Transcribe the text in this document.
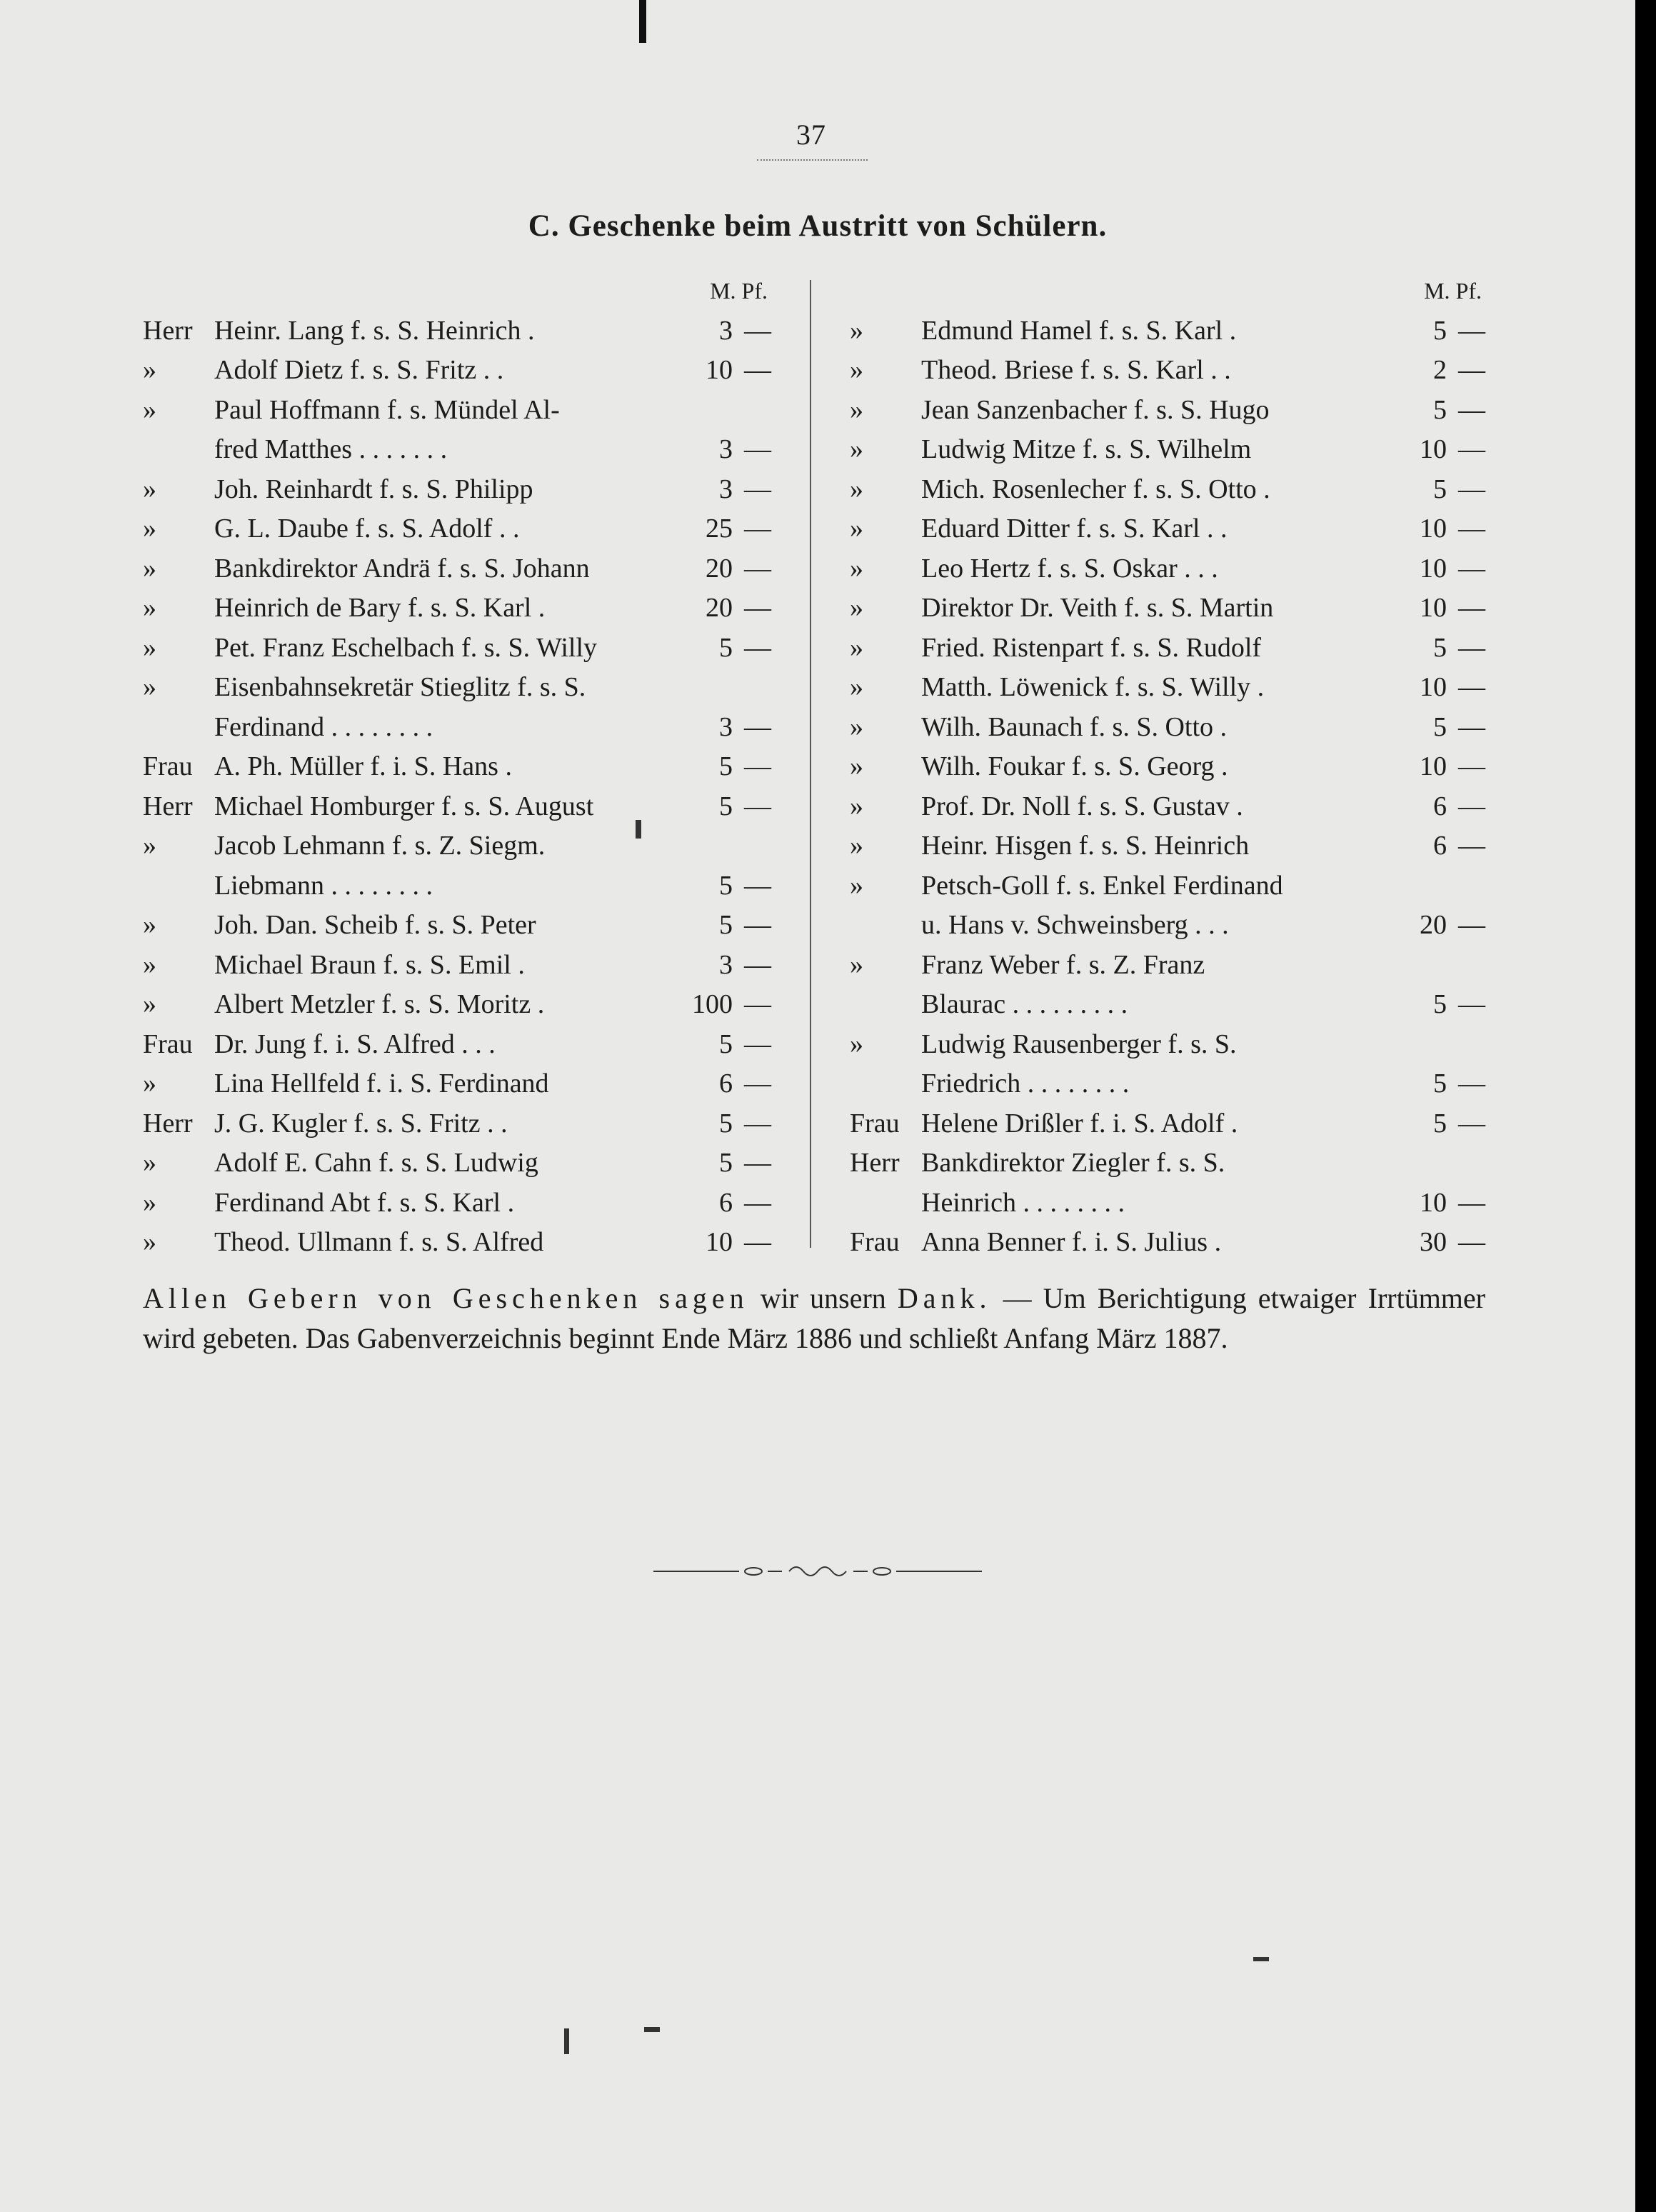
37
C. Geschenke beim Austritt von Schülern.
M. Pf.
Herr Heinr. Lang f. s. S. Heinrich .	3 —
»	Adolf Dietz f. s. S. Fritz . .	10 —
»	Paul Hoffmann f. s. Mündel Al-
fred Matthes . . . . . . .	3 —
»	Joh. Reinhardt f. s. S. Philipp	3 —
»	G. L. Daube f. s. S. Adolf . .	25 —
»	Bankdirektor Andrä f. s. S. Johann	20 —
»	Heinrich de Bary f. s. S. Karl .	20 —
»	Pet. Franz Eschelbach f. s. S. Willy	5 —
»	Eisenbahnsekretär Stieglitz f. s. S.
Ferdinand . . . . . . . .	3 —
Frau A. Ph. Müller f. i. S. Hans .	5 —
Herr Michael Homburger f. s. S. August	5 —
»	Jacob Lehmann f. s. Z. Siegm.
Liebmann . . . . . . . .	5 —
»	Joh. Dan. Scheib f. s. S. Peter	5 —
»	Michael Braun f. s. S. Emil .	3 —
»	Albert Metzler f. s. S. Moritz .	100 —
Frau Dr. Jung f. i. S. Alfred . . .	5 —
»	Lina Hellfeld f. i. S. Ferdinand	6 —
Herr J. G. Kugler f. s. S. Fritz . .	5 —
»	Adolf E. Cahn f. s. S. Ludwig	5 —
»	Ferdinand Abt f. s. S. Karl .	6 —
»	Theod. Ullmann f. s. S. Alfred	10 —
M. Pf.
»	Edmund Hamel f. s. S. Karl .	5 —
»	Theod. Briese f. s. S. Karl . .	2 —
»	Jean Sanzenbacher f. s. S. Hugo	5 —
»	Ludwig Mitze f. s. S. Wilhelm	10 —
»	Mich. Rosenlecher f. s. S. Otto .	5 —
»	Eduard Ditter f. s. S. Karl . .	10 —
»	Leo Hertz f. s. S. Oskar . . .	10 —
»	Direktor Dr. Veith f. s. S. Martin	10 —
»	Fried. Ristenpart f. s. S. Rudolf	5 —
»	Matth. Löwenick f. s. S. Willy .	10 —
»	Wilh. Baunach f. s. S. Otto .	5 —
»	Wilh. Foukar f. s. S. Georg .	10 —
»	Prof. Dr. Noll f. s. S. Gustav .	6 —
»	Heinr. Hisgen f. s. S. Heinrich	6 —
»	Petsch-Goll f. s. Enkel Ferdinand
u. Hans v. Schweinsberg . . .	20 —
»	Franz Weber f. s. Z. Franz
Blaurac . . . . . . . . .	5 —
»	Ludwig Rausenberger f. s. S.
Friedrich . . . . . . . .	5 —
Frau Helene Drißler f. i. S. Adolf .	5 —
Herr Bankdirektor Ziegler f. s. S.
Heinrich . . . . . . . .	10 —
Frau Anna Benner f. i. S. Julius .	30 —
Allen Gebern von Geschenken sagen wir unsern Dank. — Um Berichtigung etwaiger Irrtümmer wird gebeten. Das Gabenverzeichnis beginnt Ende März 1886 und schließt Anfang März 1887.
